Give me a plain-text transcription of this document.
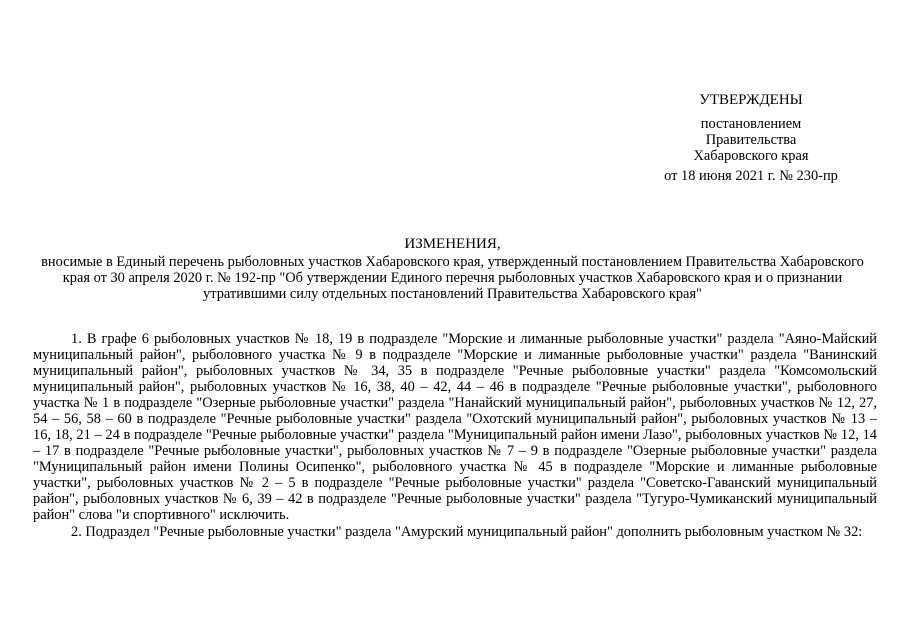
УТВЕРЖДЕНЫ
постановлением
Правительства
Хабаровского края
от 18 июня 2021 г. № 230-пр
ИЗМЕНЕНИЯ,
вносимые в Единый перечень рыболовных участков Хабаровского края, утвержденный постановлением Правительства Хабаровского края от 30 апреля 2020 г. № 192-пр "Об утверждении Единого перечня рыболовных участков Хабаровского края и о признании утратившими силу отдельных постановлений Правительства Хабаровского края"

1. В графе 6 рыболовных участков № 18, 19 в подразделе "Морские и лиманные рыболовные участки" раздела "Аяно-Майский муниципальный район", рыболовного участка № 9 в подразделе "Морские и лиманные рыболовные участки" раздела "Ванинский муниципальный район", рыболовных участков № 34, 35 в подразделе "Речные рыболовные участки" раздела "Комсомольский муниципальный район", рыболовных участков № 16, 38, 40 – 42, 44 – 46 в подразделе "Речные рыболовные участки", рыболовного участка № 1 в подразделе "Озерные рыболовные участки" раздела "Нанайский муниципальный район", рыболовных участков № 12, 27, 54 – 56, 58 – 60 в подразделе "Речные рыболовные участки" раздела "Охотский муниципальный район", рыболовных участков № 13 – 16, 18, 21 – 24 в подразделе "Речные рыболовные участки" раздела "Муниципальный район имени Лазо", рыболовных участков № 12, 14 – 17 в подразделе "Речные рыболовные участки", рыболовных участков № 7 – 9 в подразделе "Озерные рыболовные участки" раздела "Муниципальный район имени Полины Осипенко", рыболовного участка № 45 в подразделе "Морские и лиманные рыболовные участки", рыболовных участков № 2 – 5 в подразделе "Речные рыболовные участки" раздела "Советско-Гаванский муниципальный район", рыболовных участков № 6, 39 – 42 в подразделе "Речные рыболовные участки" раздела "Тугуро-Чумиканский муниципальный район" слова "и спортивного" исключить.

2. Подраздел "Речные рыболовные участки" раздела "Амурский муниципальный район" дополнить рыболовным участком № 32:
